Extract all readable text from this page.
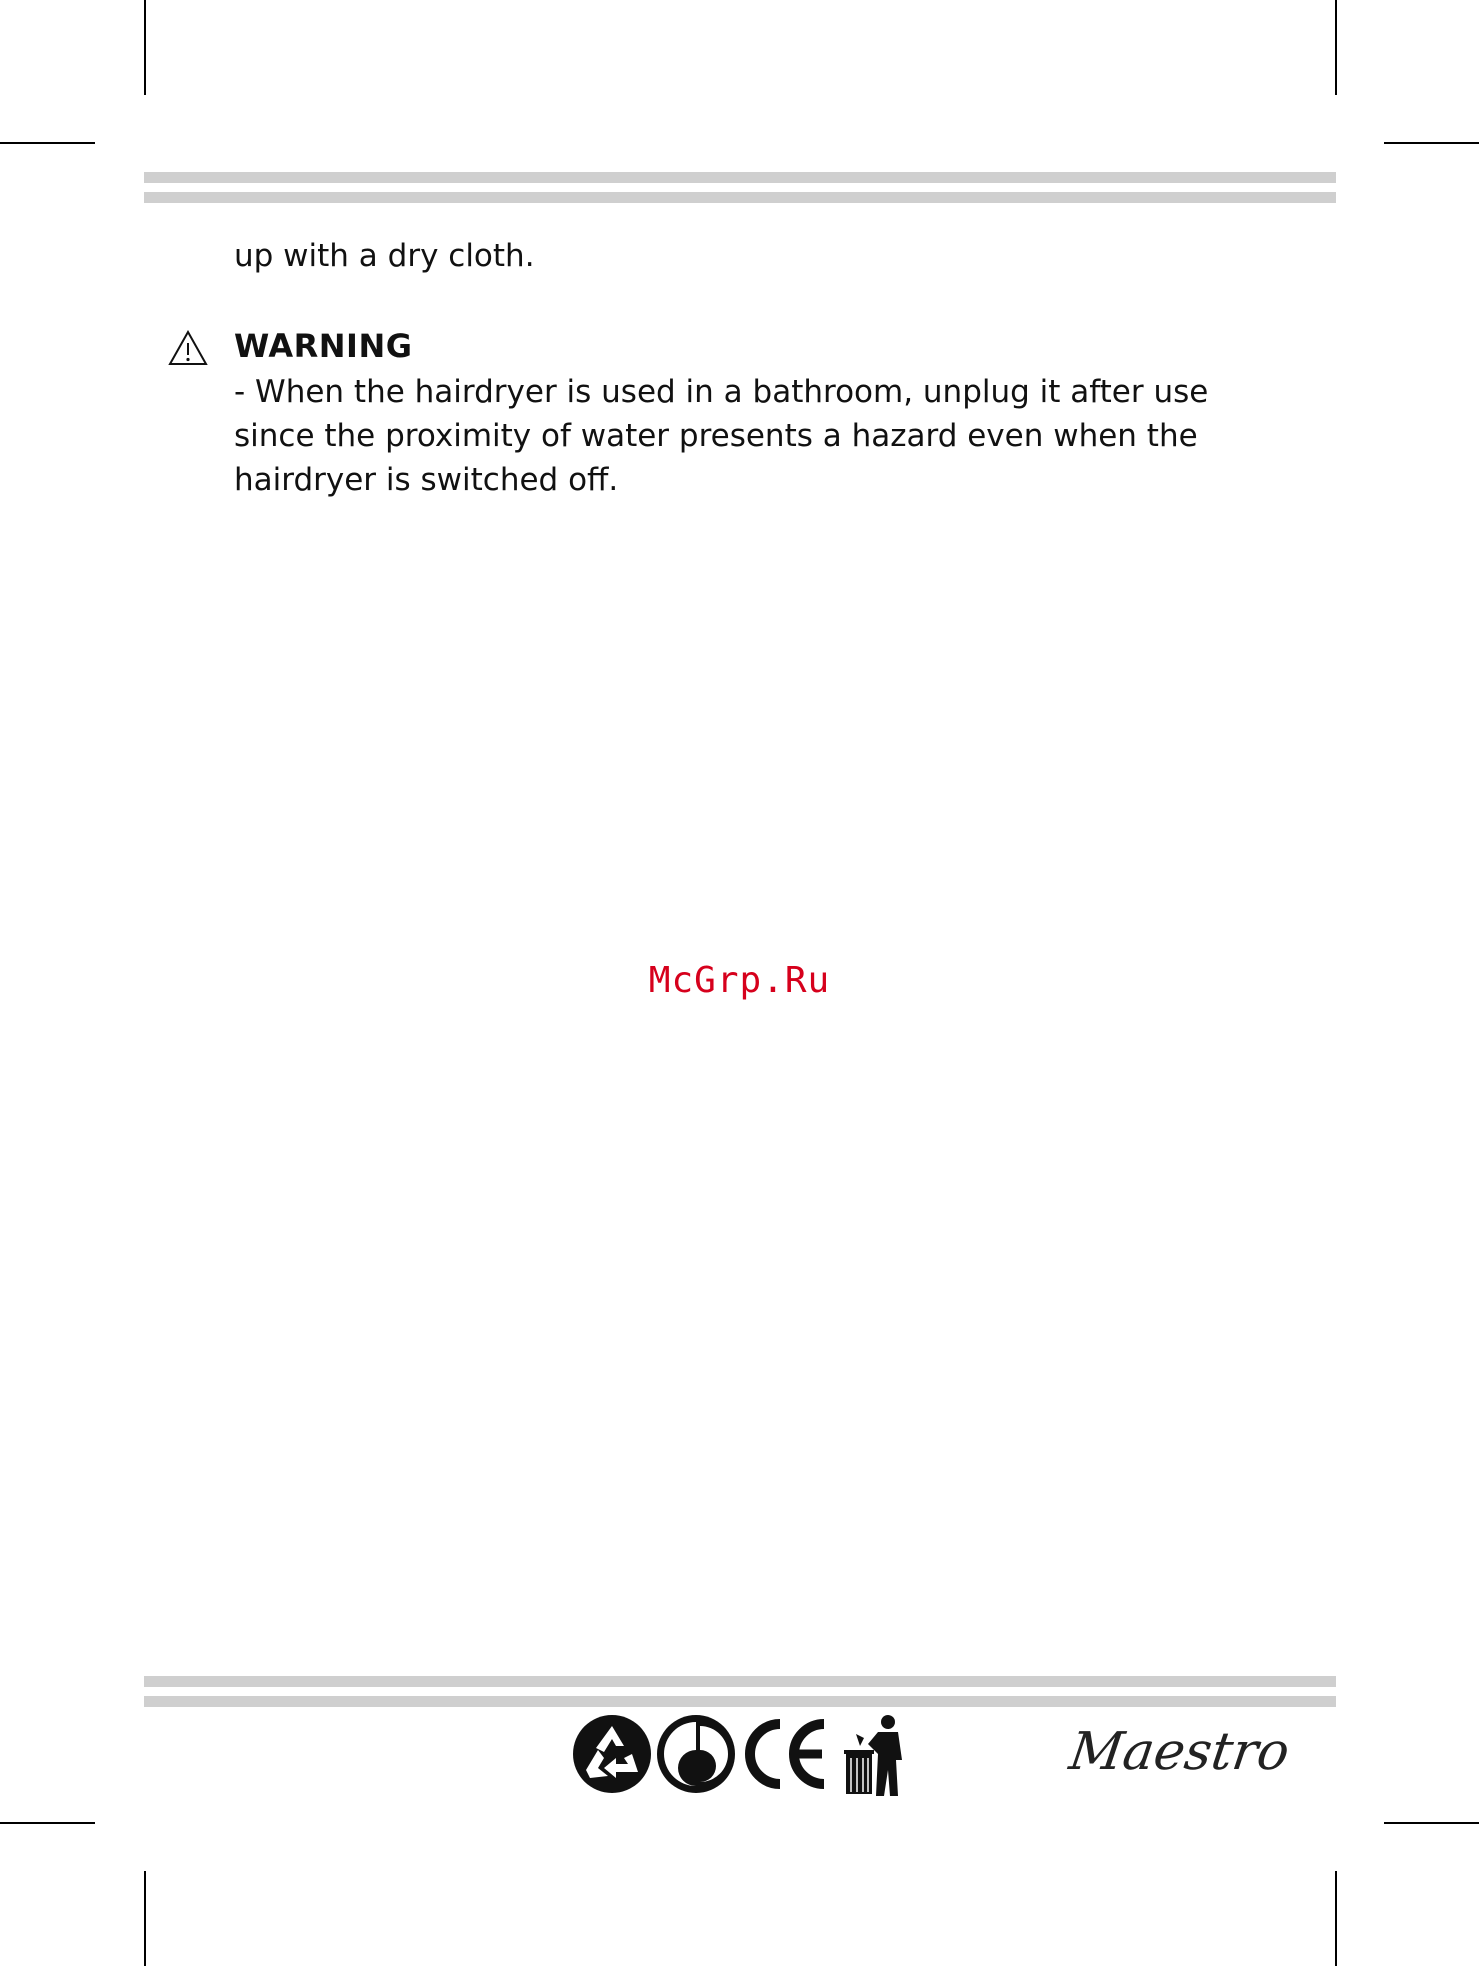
up with a dry cloth.
WARNING
- When the hairdryer is used in a bathroom, unplug it after use since the proximity of water presents a hazard even when the hairdryer is switched off.
McGrp.Ru
Maestro
